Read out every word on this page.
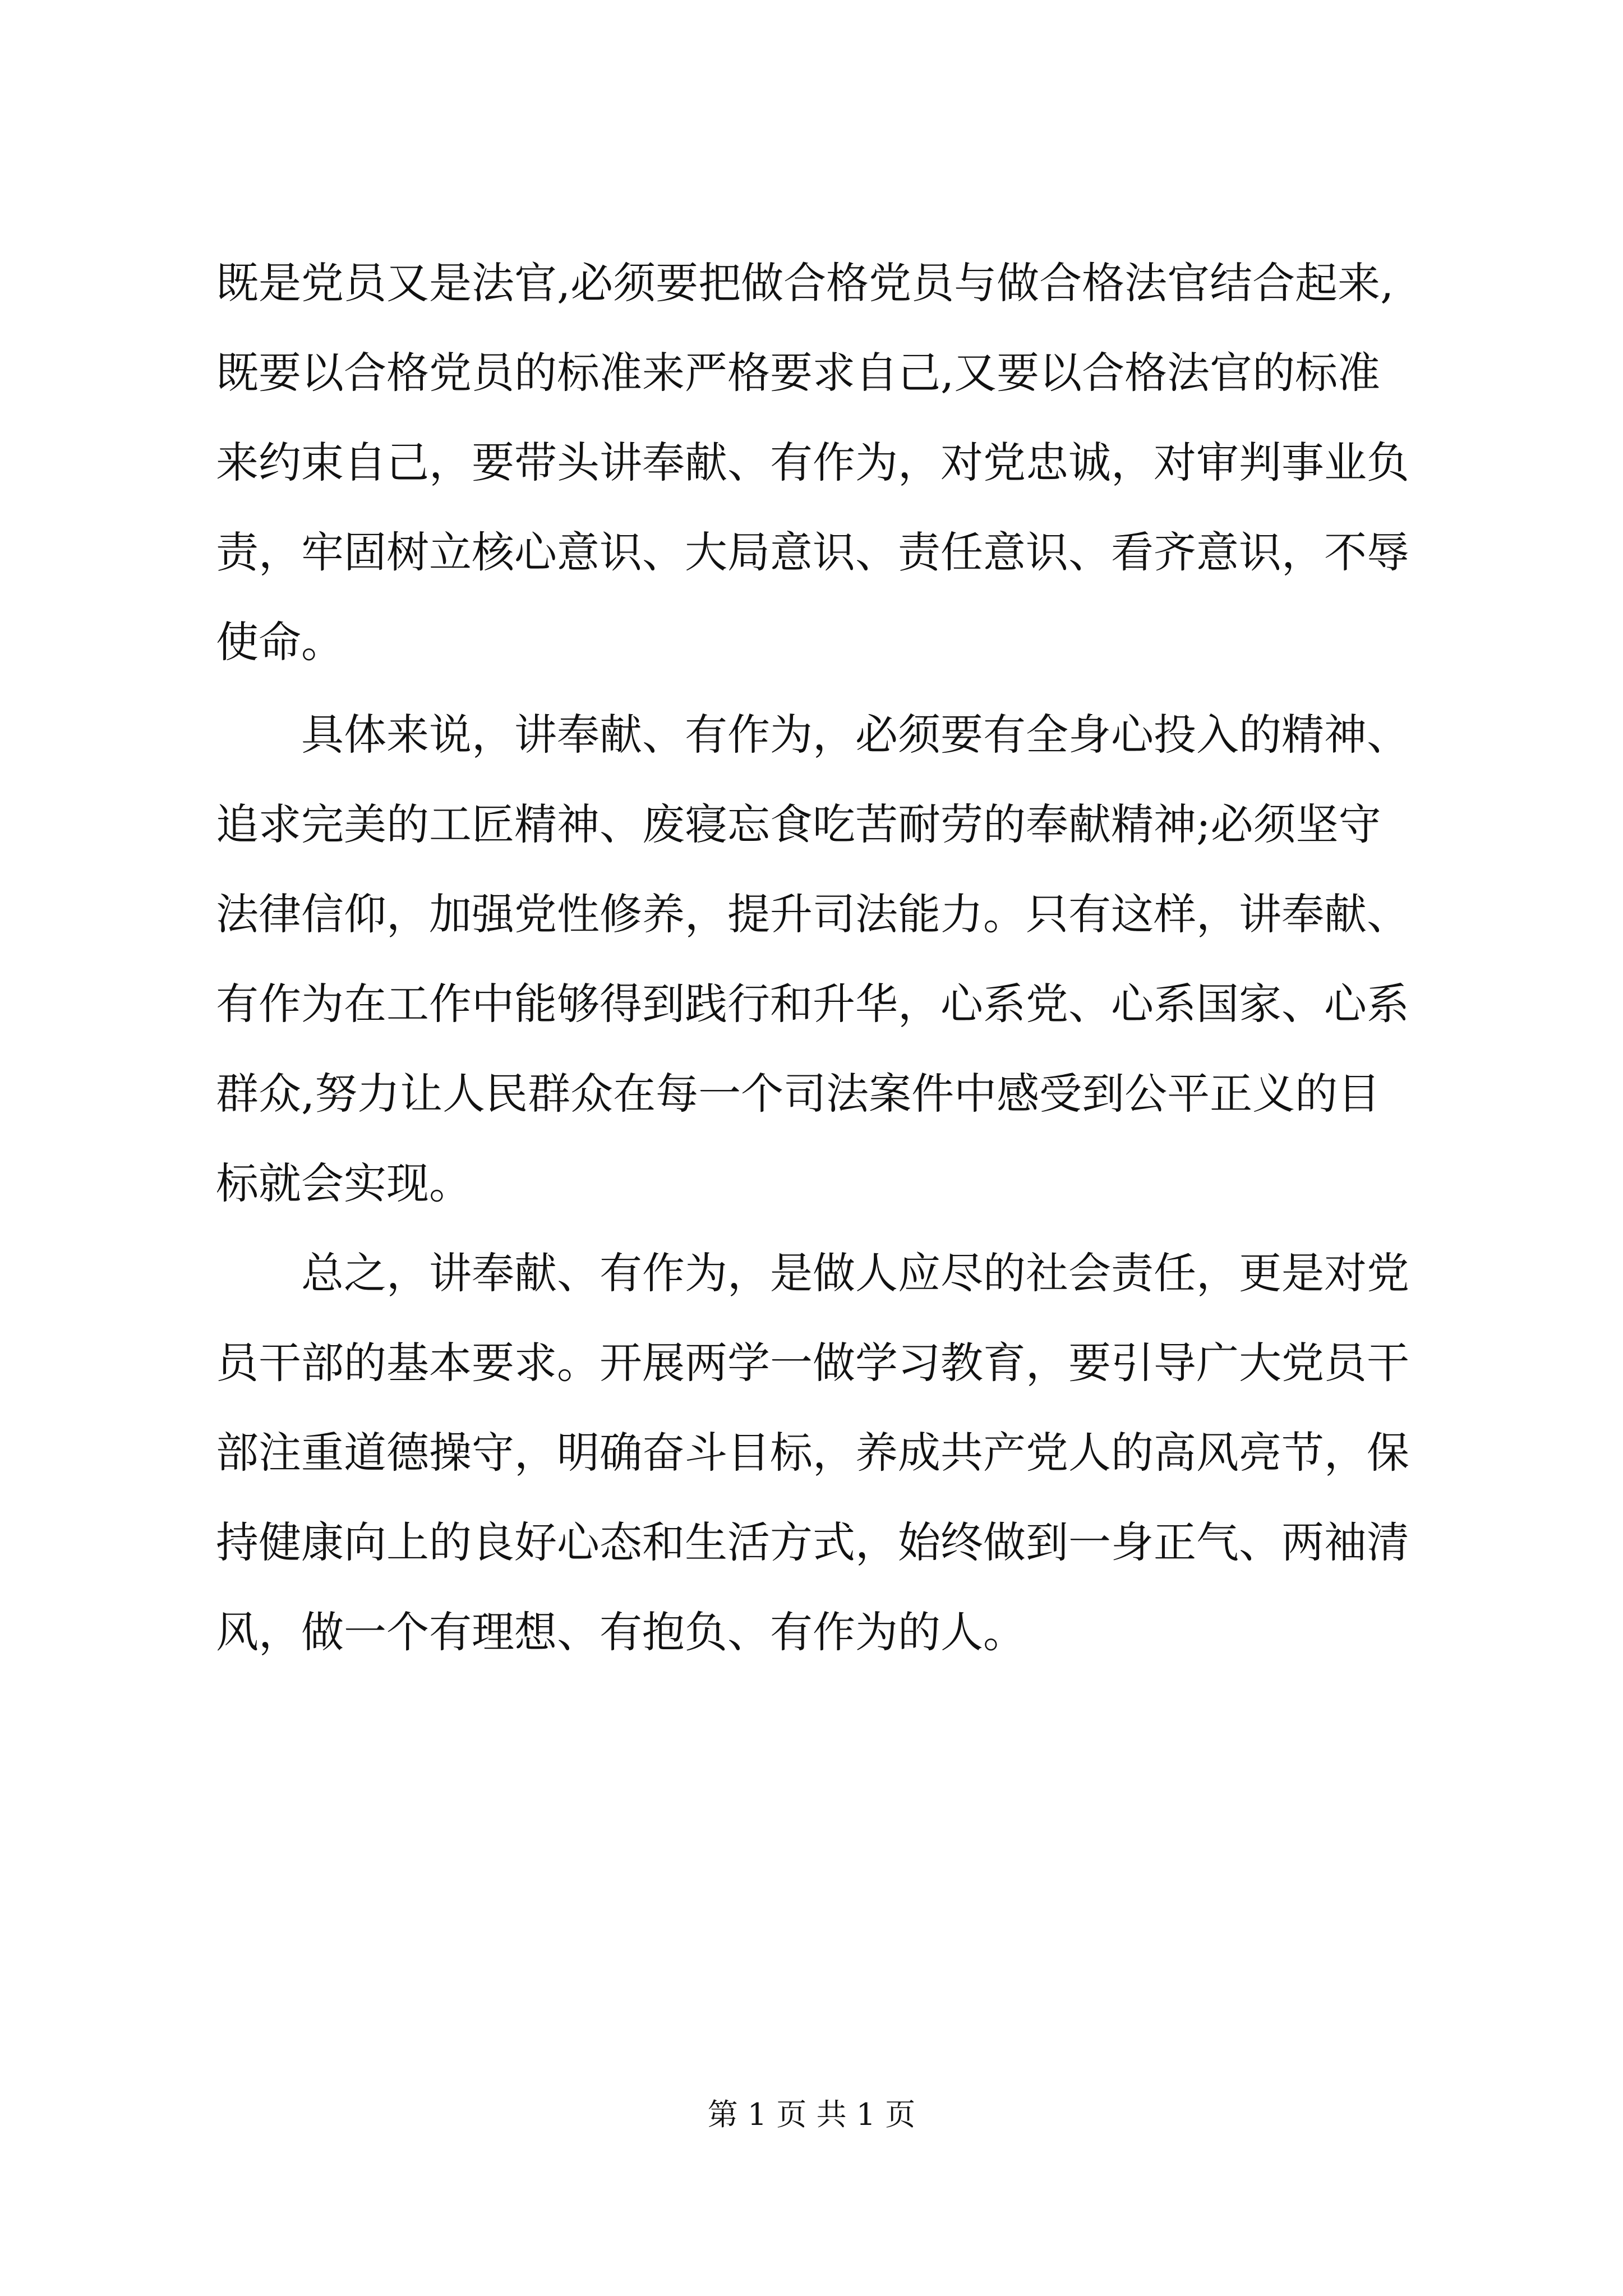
既是党员又是法官,必须要把做合格党员与做合格法官结合起来,
既要以合格党员的标准来严格要求自己,又要以合格法官的标准
来约束自己，要带头讲奉献、有作为，对党忠诚，对审判事业负
责，牢固树立核心意识、大局意识、责任意识、看齐意识，不辱
使命。
　　具体来说，讲奉献、有作为，必须要有全身心投入的精神、
追求完美的工匠精神、废寝忘食吃苦耐劳的奉献精神;必须坚守
法律信仰，加强党性修养，提升司法能力。只有这样，讲奉献、
有作为在工作中能够得到践行和升华，心系党、心系国家、心系
群众,努力让人民群众在每一个司法案件中感受到公平正义的目
标就会实现。
　　总之，讲奉献、有作为，是做人应尽的社会责任，更是对党
员干部的基本要求。开展两学一做学习教育，要引导广大党员干
部注重道德操守，明确奋斗目标，养成共产党人的高风亮节，保
持健康向上的良好心态和生活方式，始终做到一身正气、两袖清
风，做一个有理想、有抱负、有作为的人。
第 1 页 共 1 页
